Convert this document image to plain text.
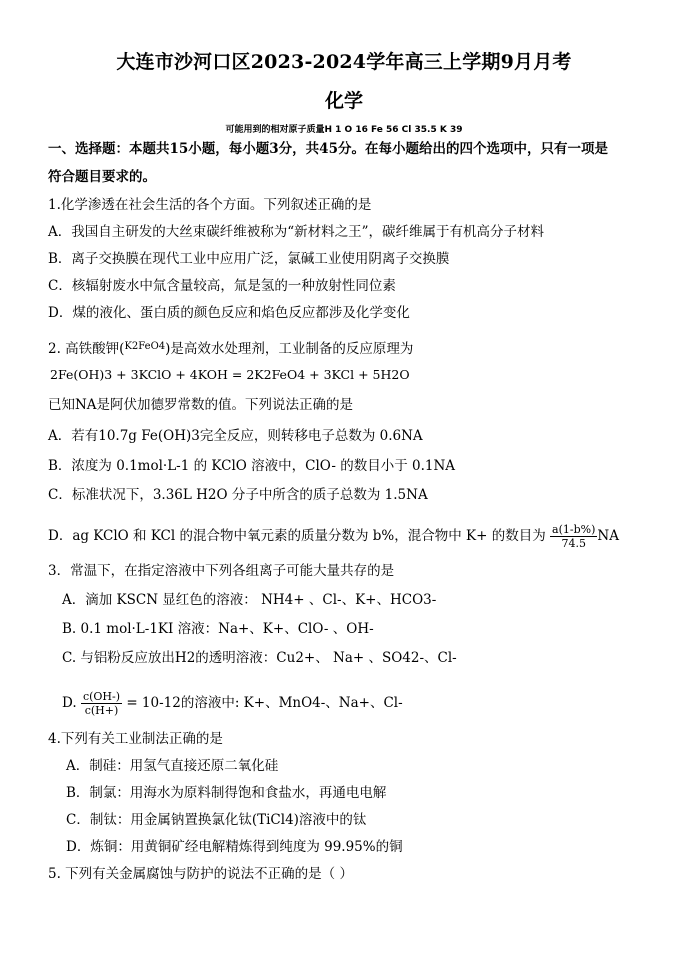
大连市沙河口区2023-2024学年高三上学期9月月考
化学
可能用到的相对原子质量H 1 O 16 Fe 56 Cl 35.5 K 39
一、选择题：本题共15小题，每小题3分，共45分。在每小题给出的四个选项中，只有一项是
符合题目要求的。
1.化学渗透在社会生活的各个方面。下列叙述正确的是
A．我国自主研发的大丝束碳纤维被称为“新材料之王”，碳纤维属于有机高分子材料
B．离子交换膜在现代工业中应用广泛，氯碱工业使用阴离子交换膜
C．核辐射废水中氚含量较高，氚是氢的一种放射性同位素
D．煤的液化、蛋白质的颜色反应和焰色反应都涉及化学变化
2. 高铁酸钾($^{K2FeO4}$)是高效水处理剂，工业制备的反应原理为
2Fe(OH)3 + 3KClO + 4KOH = 2K2FeO4 + 3KCl + 5H2O
已知NA是阿伏加德罗常数的值。下列说法正确的是
A．若有10.7g Fe(OH)3完全反应，则转移电子总数为 0.6NA
B．浓度为 0.1mol·L-1 的 KClO 溶液中，ClO- 的数目小于 0.1NA
C．标准状况下，3.36L H2O 分子中所含的质子总数为 1.5NA
D．ag KClO 和 KCl 的混合物中氧元素的质量分数为 b%，混合物中 K+ 的数目为 $\frac{a(1-b\%)}{74.5}$ NA
3．常温下，在指定溶液中下列各组离子可能大量共存的是
A．滴加 KSCN 显红色的溶液： NH4+ 、Cl-、K+、HCO3-
B. 0.1 mol·L-1KI 溶液：Na+、K+、ClO- 、OH-
C. 与铝粉反应放出H2的透明溶液：Cu2+、 Na+ 、SO42-、Cl-
D. $\frac{c(OH-)}{c(H+)} = 10-12$的溶液中: K+、MnO4-、Na+、Cl-
4.下列有关工业制法正确的是
A．制硅：用氢气直接还原二氧化硅
B．制氯：用海水为原料制得饱和食盐水，再通电电解
C．制钛：用金属钠置换氯化钛(TiCl4)溶液中的钛
D．炼铜：用黄铜矿经电解精炼得到纯度为 99.95%的铜
5. 下列有关金属腐蚀与防护的说法不正确的是（ ）
